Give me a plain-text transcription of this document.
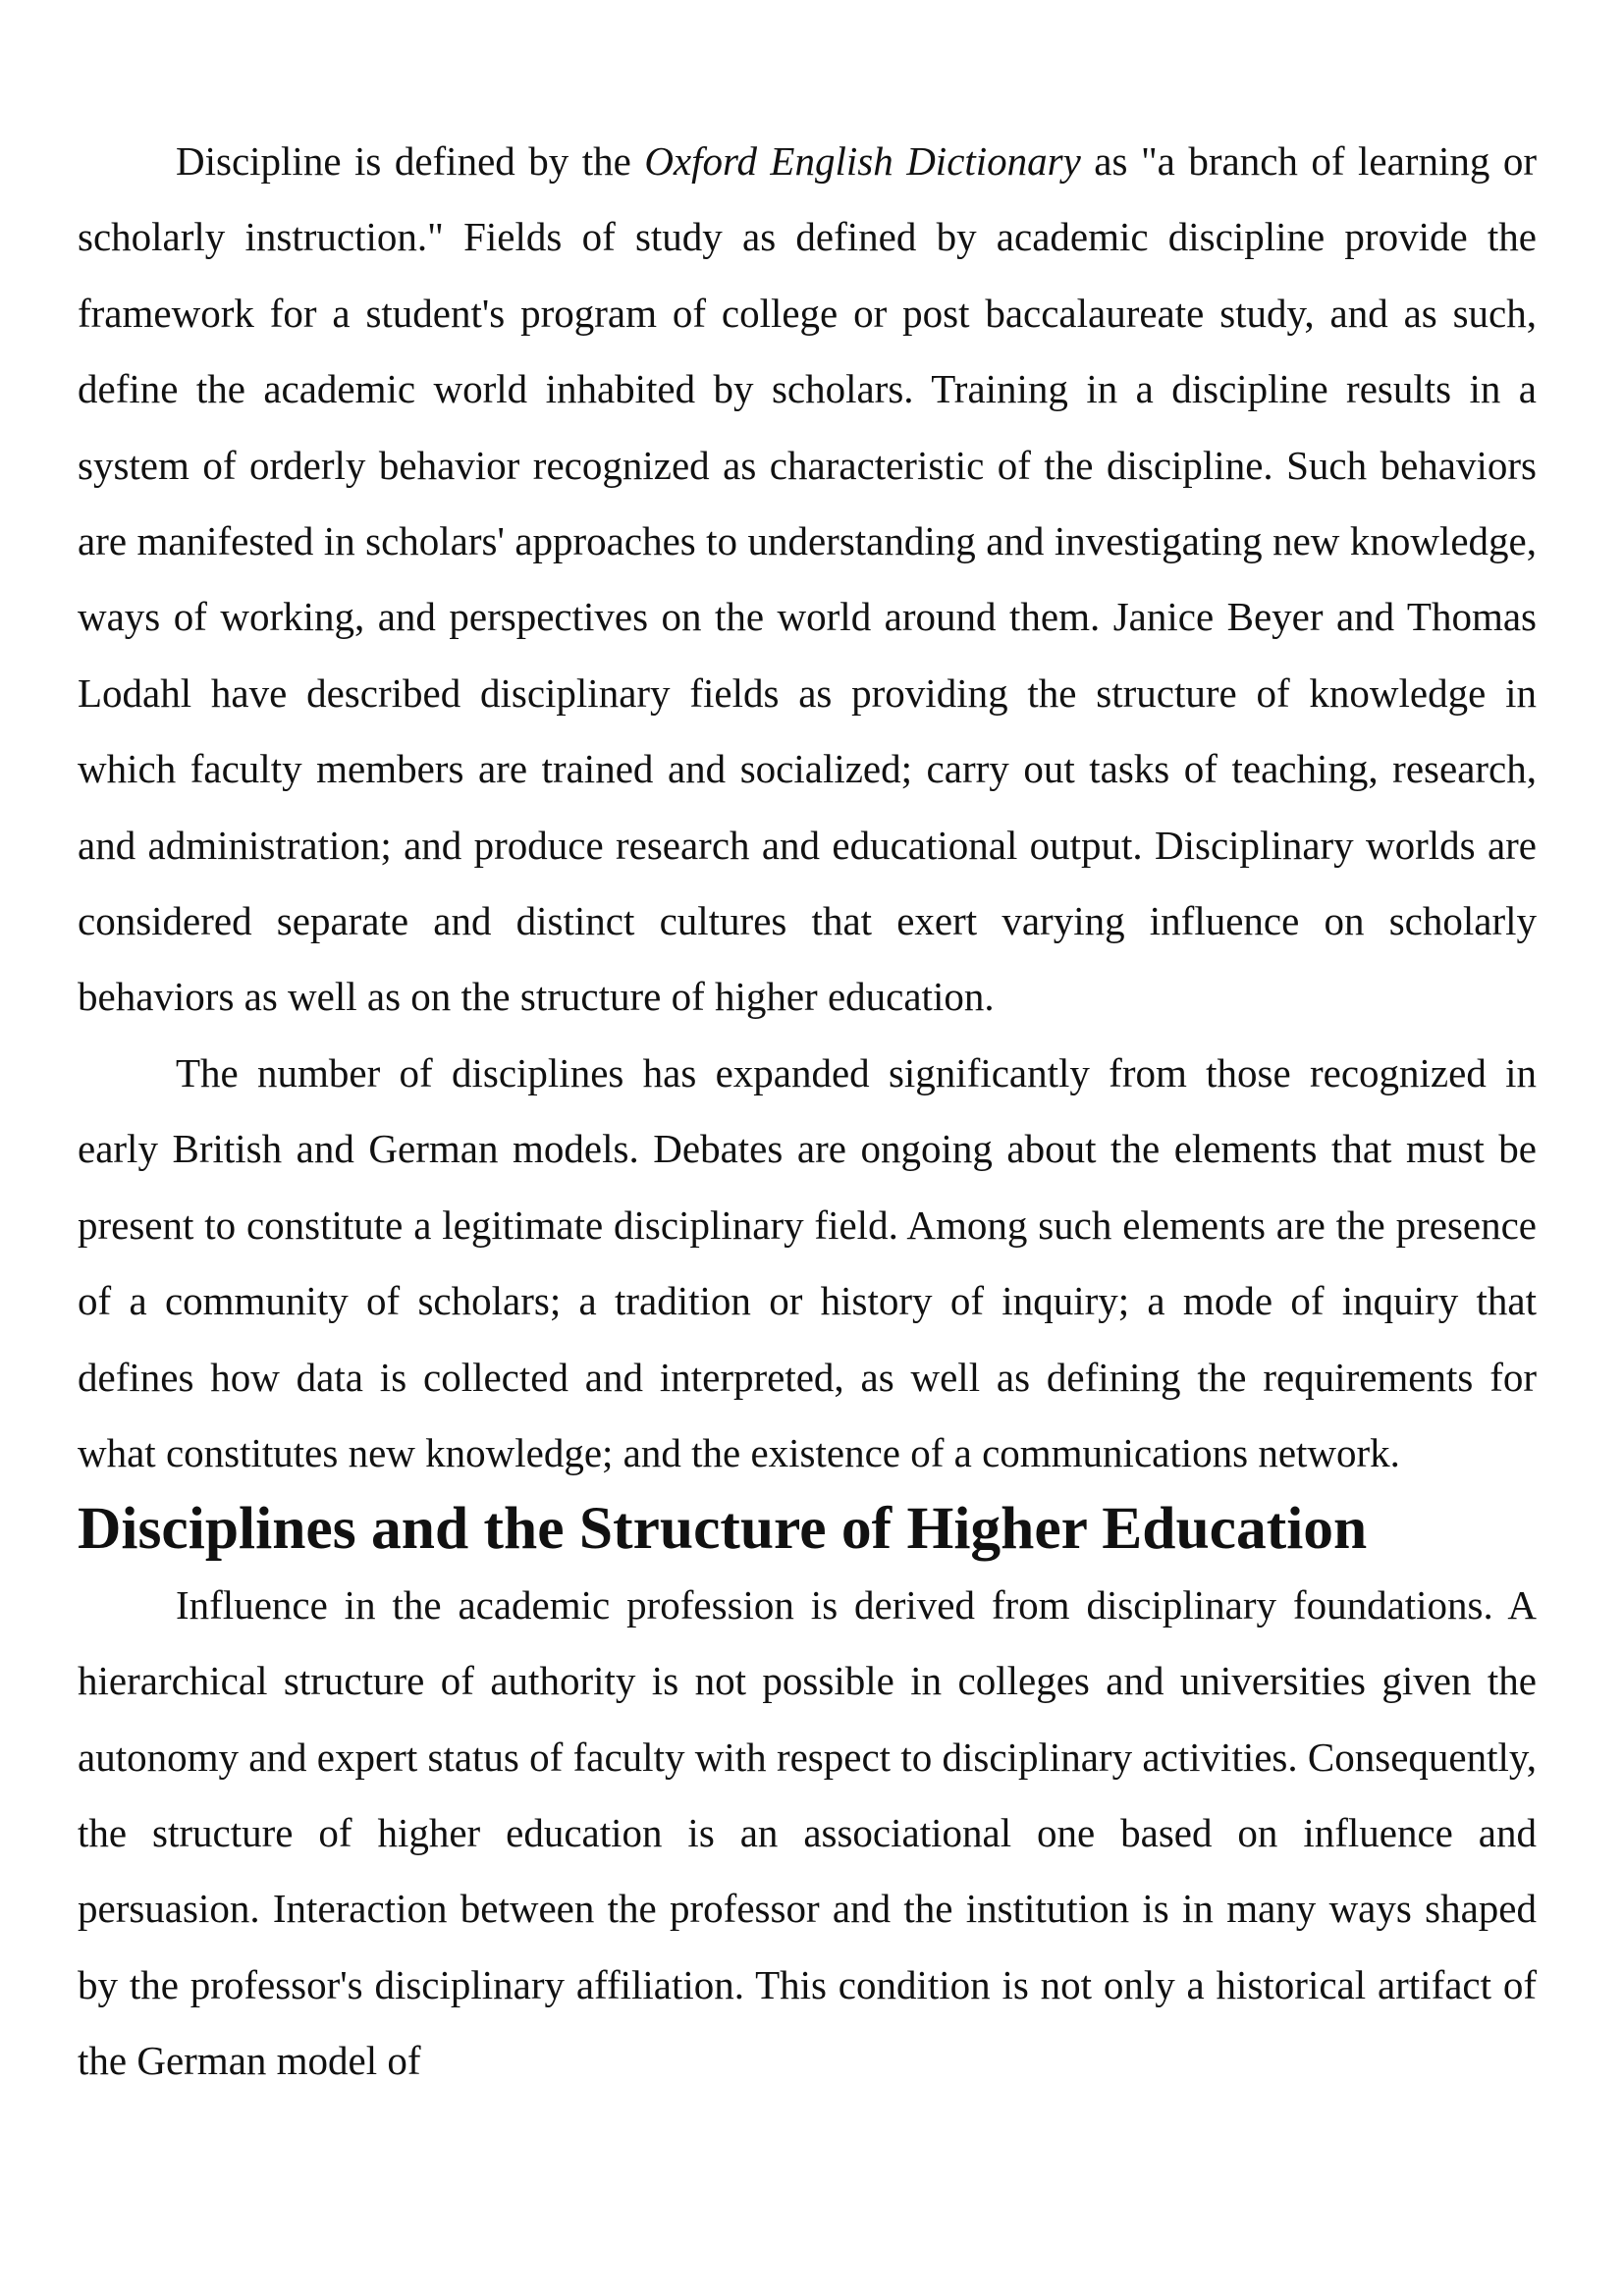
Discipline is defined by the Oxford English Dictionary as "a branch of learning or scholarly instruction." Fields of study as defined by academic discipline provide the framework for a student's program of college or post baccalaureate study, and as such, define the academic world inhabited by scholars. Training in a discipline results in a system of orderly behavior recognized as characteristic of the discipline. Such behaviors are manifested in scholars' approaches to understanding and investigating new knowledge, ways of working, and perspectives on the world around them. Janice Beyer and Thomas Lodahl have described disciplinary fields as providing the structure of knowledge in which faculty members are trained and socialized; carry out tasks of teaching, research, and administration; and produce research and educational output. Disciplinary worlds are considered separate and distinct cultures that exert varying influence on scholarly behaviors as well as on the structure of higher education.

The number of disciplines has expanded significantly from those recognized in early British and German models. Debates are ongoing about the elements that must be present to constitute a legitimate disciplinary field. Among such elements are the presence of a community of scholars; a tradition or history of inquiry; a mode of inquiry that defines how data is collected and interpreted, as well as defining the requirements for what constitutes new knowledge; and the existence of a communications network.

Disciplines and the Structure of Higher Education

Influence in the academic profession is derived from disciplinary foundations. A hierarchical structure of authority is not possible in colleges and universities given the autonomy and expert status of faculty with respect to disciplinary activities. Consequently, the structure of higher education is an associational one based on influence and persuasion. Interaction between the professor and the institution is in many ways shaped by the professor's disciplinary affiliation. This condition is not only a historical artifact of the German model of
